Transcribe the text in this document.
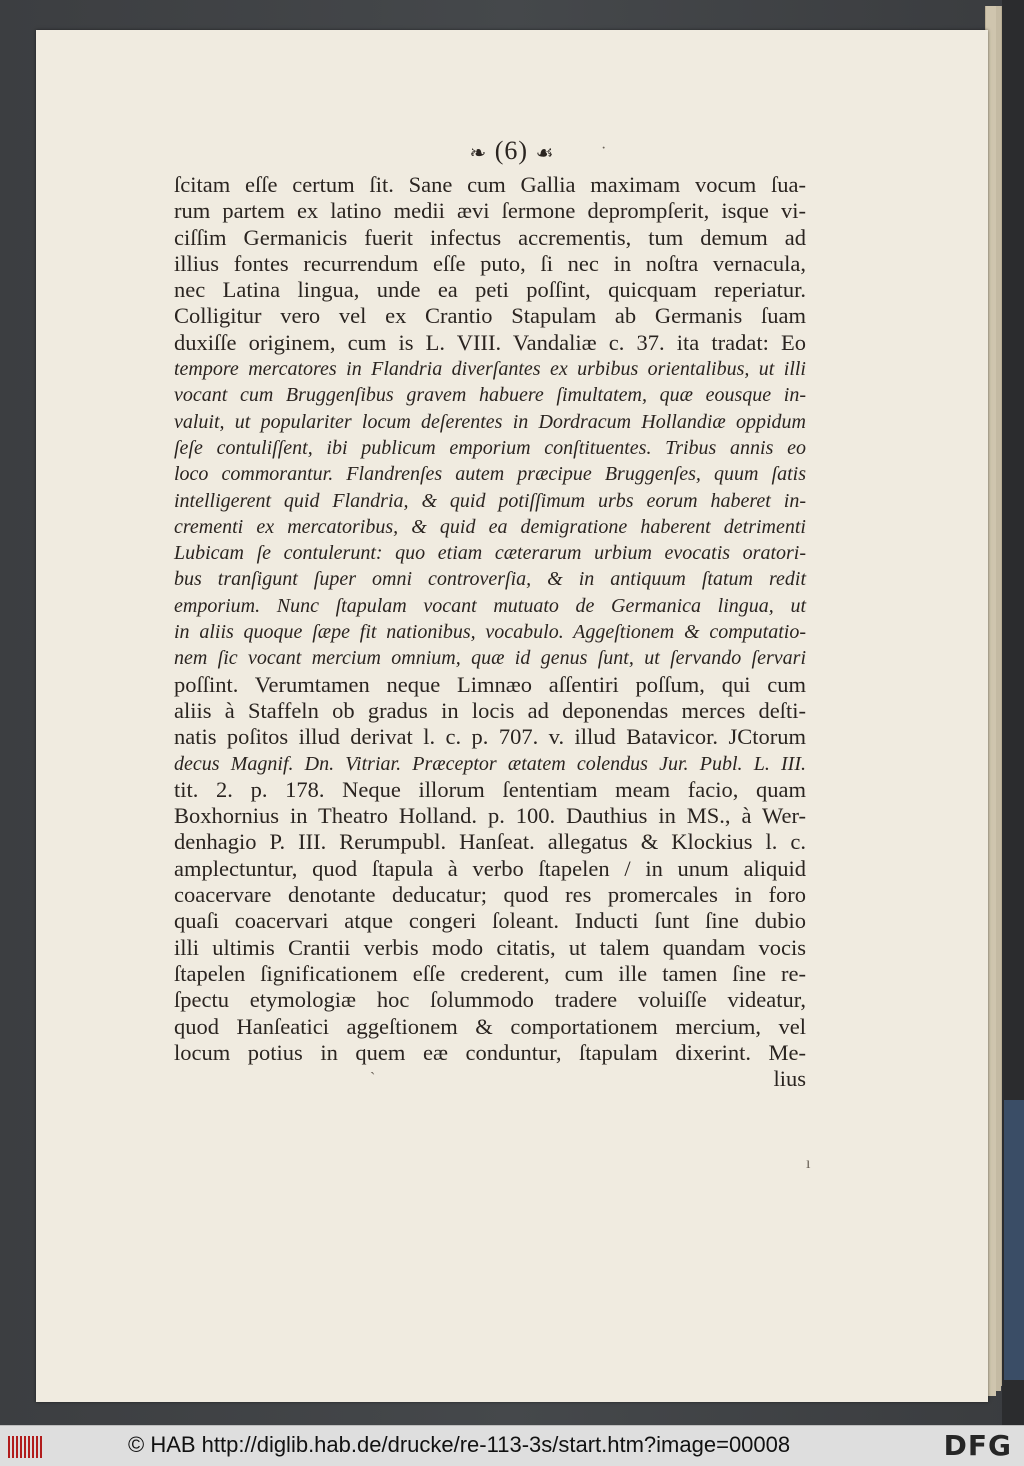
❧ (6) ☙
ſcitam eſſe certum ſit. Sane cum Gallia maximam vocum ſua-
rum partem ex latino medii ævi ſermone deprompſerit, isque vi-
ciſſim Germanicis fuerit infectus accrementis, tum demum ad
illius fontes recurrendum eſſe puto, ſi nec in noſtra vernacula,
nec Latina lingua, unde ea peti poſſint, quicquam reperiatur.
Colligitur vero vel ex Crantio Stapulam ab Germanis ſuam
duxiſſe originem, cum is L. VIII. Vandaliæ c. 37. ita tradat: Eo
tempore mercatores in Flandria diverſantes ex urbibus orientalibus, ut illi
vocant cum Bruggenſibus gravem habuere ſimultatem, quæ eousque in-
valuit, ut populariter locum deſerentes in Dordracum Hollandiæ oppidum
ſeſe contuliſſent, ibi publicum emporium conſtituentes. Tribus annis eo
loco commorantur. Flandrenſes autem præcipue Bruggenſes, quum ſatis
intelligerent quid Flandria, & quid potiſſimum urbs eorum haberet in-
crementi ex mercatoribus, & quid ea demigratione haberent detrimenti
Lubicam ſe contulerunt: quo etiam cæterarum urbium evocatis oratori-
bus tranſigunt ſuper omni controverſia, & in antiquum ſtatum redit
emporium. Nunc ſtapulam vocant mutuato de Germanica lingua, ut
in aliis quoque ſæpe fit nationibus, vocabulo. Aggeſtionem & computatio-
nem ſic vocant mercium omnium, quæ id genus ſunt, ut ſervando ſervari
poſſint. Verumtamen neque Limnæo aſſentiri poſſum, qui cum
aliis à Staffeln ob gradus in locis ad deponendas merces deſti-
natis poſitos illud derivat l. c. p. 707. v. illud Batavicor. JCtorum
decus Magnif. Dn. Vitriar. Præceptor ætatem colendus Jur. Publ. L. III.
tit. 2. p. 178. Neque illorum ſententiam meam facio, quam
Boxhornius in Theatro Holland. p. 100. Dauthius in MS., à Wer-
denhagio P. III. Rerumpubl. Hanſeat. allegatus & Klockius l. c.
amplectuntur, quod ſtapula à verbo ſtapelen / in unum aliquid
coacervare denotante deducatur; quod res promercales in foro
quaſi coacervari atque congeri ſoleant. Inducti ſunt ſine dubio
illi ultimis Crantii verbis modo citatis, ut talem quandam vocis
ſtapelen ſignificationem eſſe crederent, cum ille tamen ſine re-
ſpectu etymologiæ hoc ſolummodo tradere voluiſſe videatur,
quod Hanſeatici aggeſtionem & comportationem mercium, vel
locum potius in quem eæ conduntur, ſtapulam dixerint. Me-
lius
·
ı
ˋ
© HAB http://diglib.hab.de/drucke/re-113-3s/start.htm?image=00008	DFG
